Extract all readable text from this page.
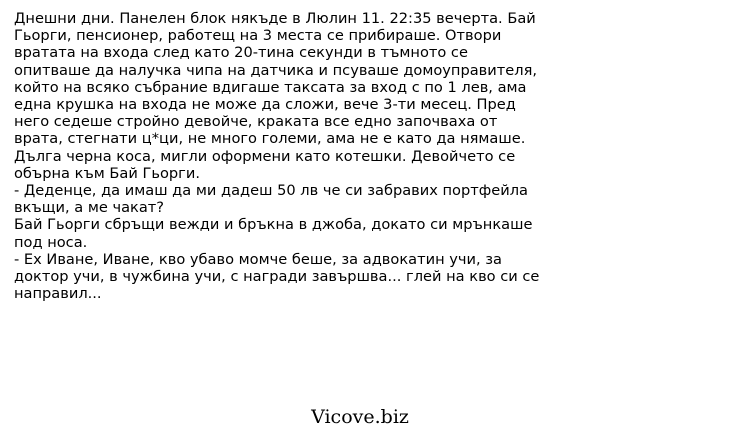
Днешни дни. Панелен блок някъде в Люлин 11. 22:35 вечерта. Бай
Гьорги, пенсионер, работещ на 3 места се прибираше. Отвори
вратата на входа след като 20-тина секунди в тъмното се
опитваше да налучка чипа на датчика и псуваше домоуправителя,
който на всяко събрание вдигаше таксата за вход с по 1 лев, ама
една крушка на входа не може да сложи, вече 3-ти месец. Пред
него седеше стройно девойче, краката все едно започваха от
врата, стегнати ц*ци, не много големи, ама не е като да нямаше.
Дълга черна коса, мигли оформени като котешки. Девойчето се
обърна към Бай Гьорги.
- Деденце, да имаш да ми дадеш 50 лв че си забравих портфейла
вкъщи, а ме чакат?
Бай Гьорги сбръщи вежди и бръкна в джоба, докато си мрънкаше
под носа.
- Ех Иване, Иване, кво убаво момче беше, за адвокатин учи, за
доктор учи, в чужбина учи, с награди завършва... глей на кво си се
направил...
Vicove.biz
